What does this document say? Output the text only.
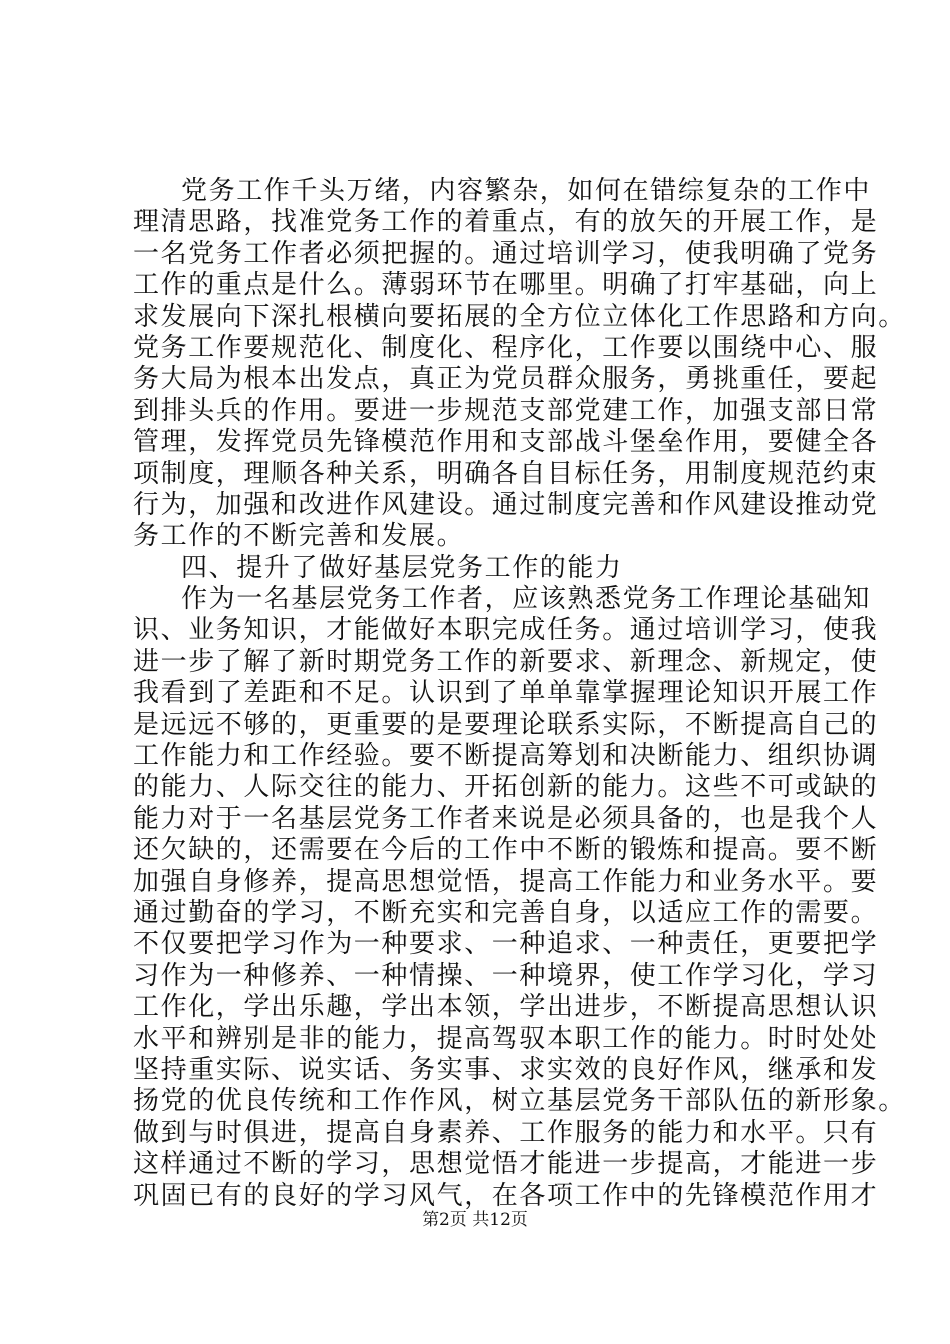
党务工作千头万绪，内容繁杂，如何在错综复杂的工作中
理清思路，找准党务工作的着重点，有的放矢的开展工作，是
一名党务工作者必须把握的。通过培训学习，使我明确了党务
工作的重点是什么。薄弱环节在哪里。明确了打牢基础，向上
求发展向下深扎根横向要拓展的全方位立体化工作思路和方向。
党务工作要规范化、制度化、程序化，工作要以围绕中心、服
务大局为根本出发点，真正为党员群众服务，勇挑重任，要起
到排头兵的作用。要进一步规范支部党建工作，加强支部日常
管理，发挥党员先锋模范作用和支部战斗堡垒作用，要健全各
项制度，理顺各种关系，明确各自目标任务，用制度规范约束
行为，加强和改进作风建设。通过制度完善和作风建设推动党
务工作的不断完善和发展。
四、提升了做好基层党务工作的能力
作为一名基层党务工作者，应该熟悉党务工作理论基础知
识、业务知识，才能做好本职完成任务。通过培训学习，使我
进一步了解了新时期党务工作的新要求、新理念、新规定，使
我看到了差距和不足。认识到了单单靠掌握理论知识开展工作
是远远不够的，更重要的是要理论联系实际，不断提高自己的
工作能力和工作经验。要不断提高筹划和决断能力、组织协调
的能力、人际交往的能力、开拓创新的能力。这些不可或缺的
能力对于一名基层党务工作者来说是必须具备的，也是我个人
还欠缺的，还需要在今后的工作中不断的锻炼和提高。要不断
加强自身修养，提高思想觉悟，提高工作能力和业务水平。要
通过勤奋的学习，不断充实和完善自身，以适应工作的需要。
不仅要把学习作为一种要求、一种追求、一种责任，更要把学
习作为一种修养、一种情操、一种境界，使工作学习化，学习
工作化，学出乐趣，学出本领，学出进步，不断提高思想认识
水平和辨别是非的能力，提高驾驭本职工作的能力。时时处处
坚持重实际、说实话、务实事、求实效的良好作风，继承和发
扬党的优良传统和工作作风，树立基层党务干部队伍的新形象。
做到与时俱进，提高自身素养、工作服务的能力和水平。只有
这样通过不断的学习，思想觉悟才能进一步提高，才能进一步
巩固已有的良好的学习风气，在各项工作中的先锋模范作用才
第2页 共12页
